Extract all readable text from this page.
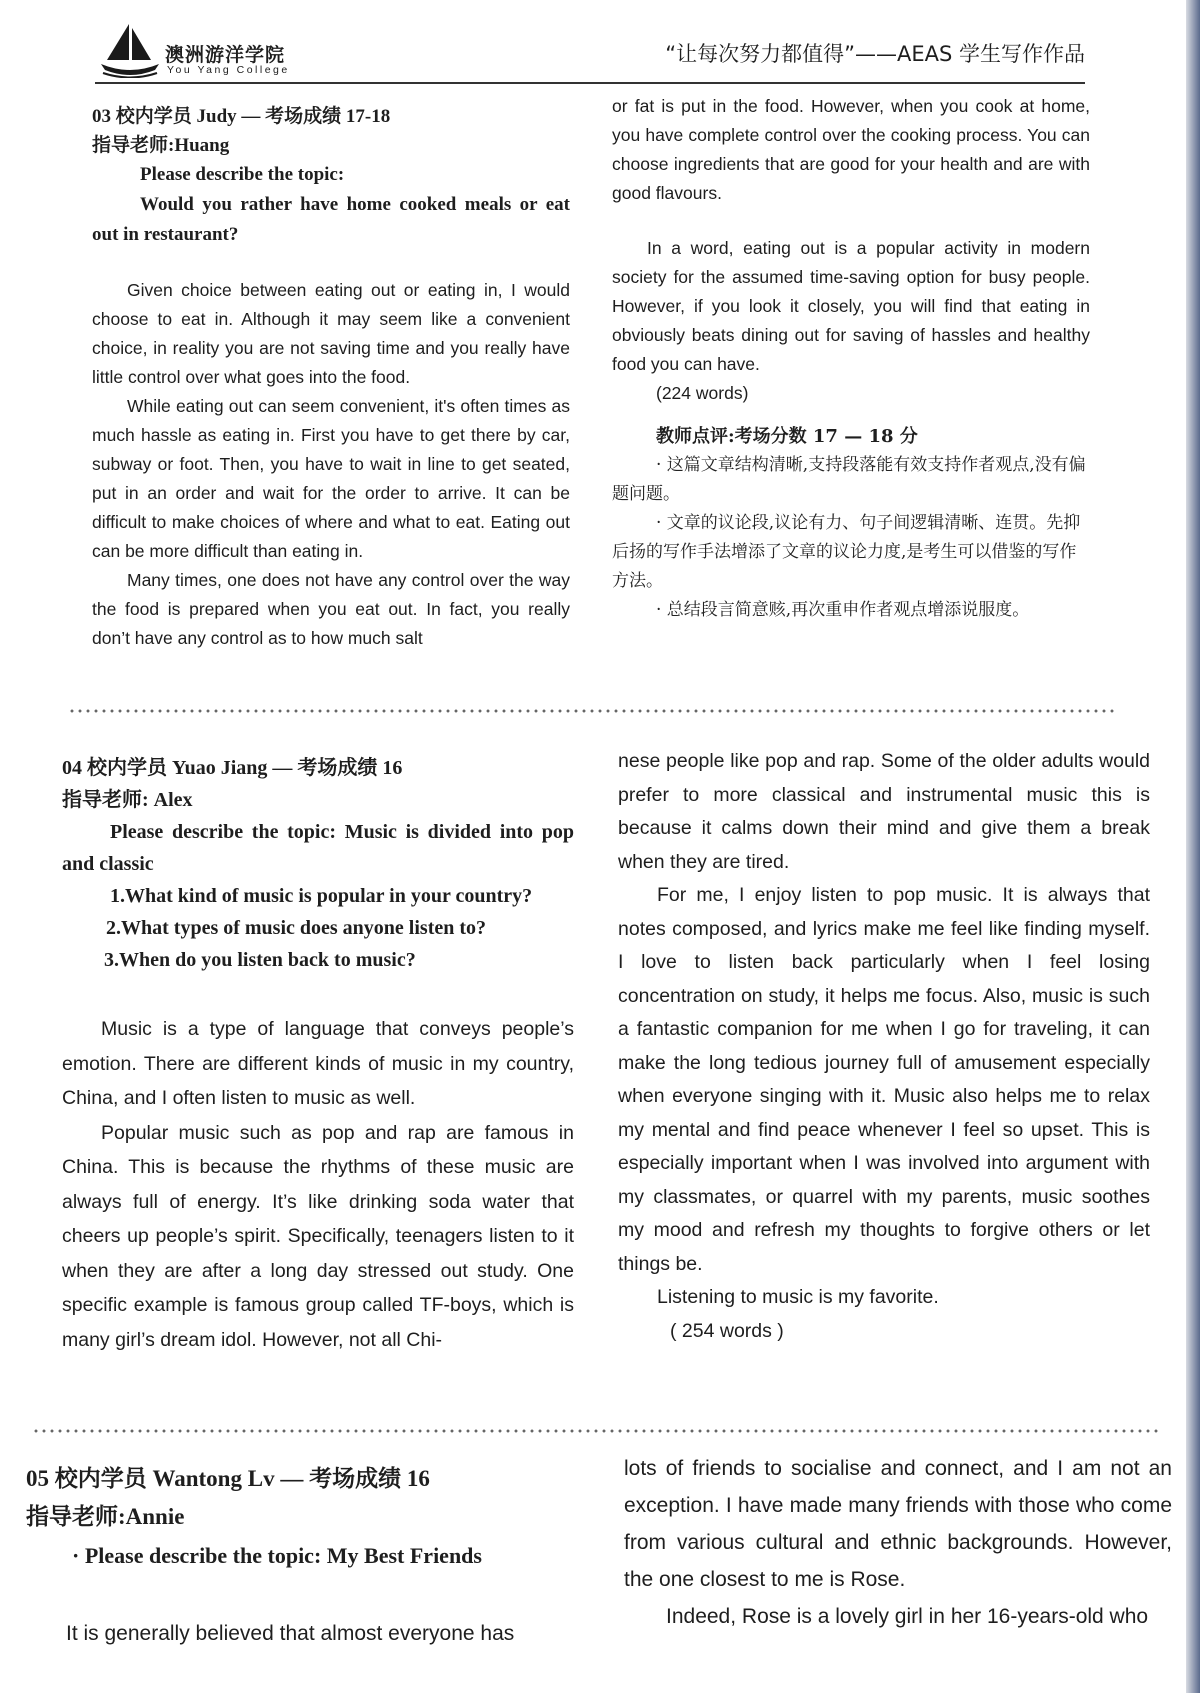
澳洲游洋学院
You Yang College
“让每次努力都值得”——AEAS 学生写作作品

03 校内学员 Judy — 考场成绩 17-18

指导老师:Huang

Please describe the topic:

Would you rather have home cooked meals or eat out in restaurant?

Given choice between eating out or eating in, I would choose to eat in. Although it may seem like a convenient choice, in reality you are not saving time and you really have little control over what goes into the food.

While eating out can seem convenient, it's often times as much hassle as eating in. First you have to get there by car, subway or foot. Then, you have to wait in line to get seated, put in an order and wait for the order to arrive. It can be difficult to make choices of where and what to eat. Eating out can be more difficult than eating in.

Many times, one does not have any control over the way the food is prepared when you eat out. In fact, you really don’t have any control as to how much salt

or fat is put in the food. However, when you cook at home, you have complete control over the cooking process. You can choose ingredients that are good for your health and are with good flavours.

In a word, eating out is a popular activity in modern society for the assumed time-saving option for busy people. However, if you look it closely, you will find that eating in obviously beats dining out for saving of hassles and healthy food you can have.

(224 words)

教师点评:考场分数 17 — 18 分

· 这篇文章结构清晰,支持段落能有效支持作者观点,没有偏题问题。

· 文章的议论段,议论有力、句子间逻辑清晰、连贯。先抑后扬的写作手法增添了文章的议论力度,是考生可以借鉴的写作方法。

· 总结段言简意赅,再次重申作者观点增添说服度。

04 校内学员 Yuao Jiang — 考场成绩 16

指导老师: Alex

Please describe the topic: Music is divided into pop and classic

1.What kind of music is popular in your country?

2.What types of music does anyone listen to?

3.When do you listen back to music?

Music is a type of language that conveys people’s emotion. There are different kinds of music in my country, China, and I often listen to music as well.

Popular music such as pop and rap are famous in China. This is because the rhythms of these music are always full of energy. It’s like drinking soda water that cheers up people’s spirit. Specifically, teenagers listen to it when they are after a long day stressed out study. One specific example is famous group called TF-boys, which is many girl’s dream idol. However, not all Chi-

nese people like pop and rap. Some of the older adults would prefer to more classical and instrumental music this is because it calms down their mind and give them a break when they are tired.

For me, I enjoy listen to pop music. It is always that notes composed, and lyrics make me feel like finding myself. I love to listen back particularly when I feel losing concentration on study, it helps me focus. Also, music is such a fantastic companion for me when I go for traveling, it can make the long tedious journey full of amusement especially when everyone singing with it. Music also helps me to relax my mental and find peace whenever I feel so upset. This is especially important when I was involved into argument with my classmates, or quarrel with my parents, music soothes my mood and refresh my thoughts to forgive others or let things be.

Listening to music is my favorite.

( 254 words )

05 校内学员 Wantong Lv — 考场成绩 16

指导老师:Annie

· Please describe the topic: My Best Friends

It is generally believed that almost everyone has

lots of friends to socialise and connect, and I am not an exception. I have made many friends with those who come from various cultural and ethnic backgrounds. However, the one closest to me is Rose.

Indeed, Rose is a lovely girl in her 16-years-old who
